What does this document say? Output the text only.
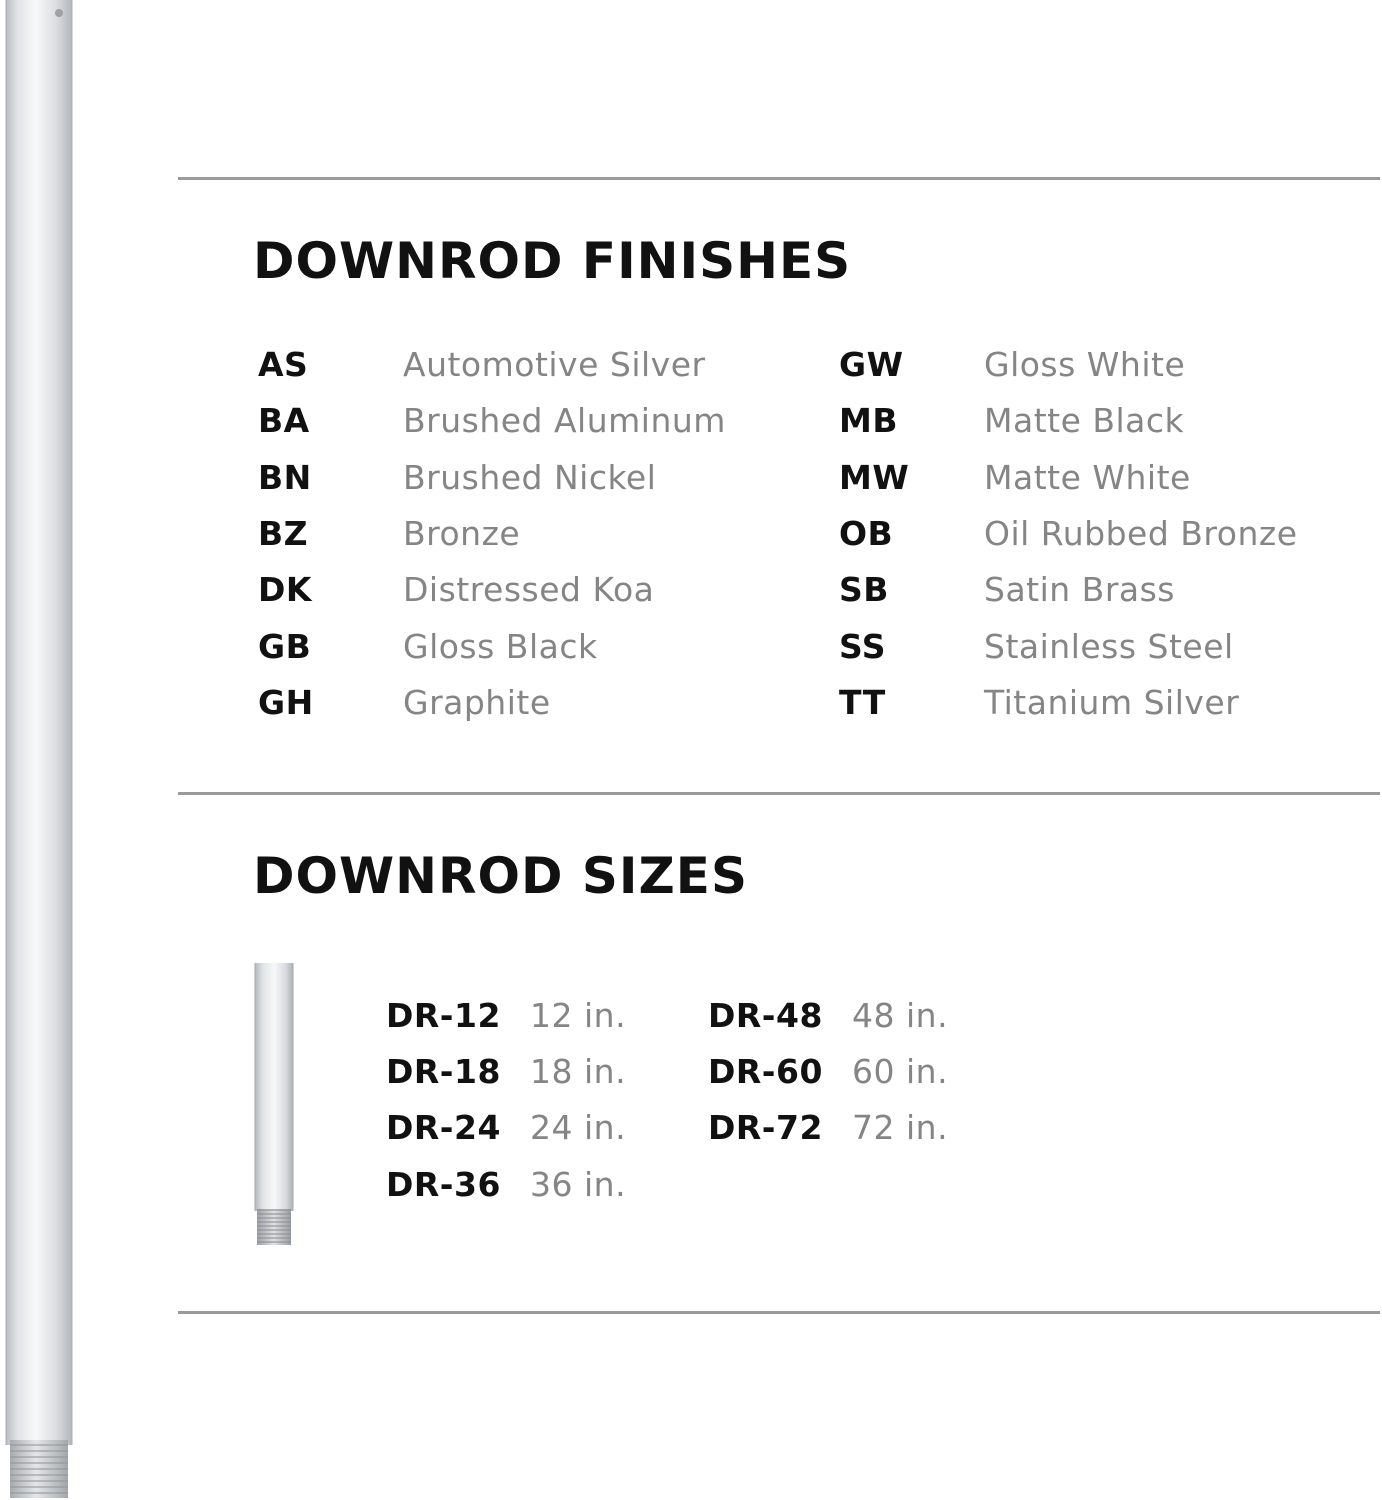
DOWNROD FINISHES
AS	Automotive Silver
BA	Brushed Aluminum
BN	Brushed Nickel
BZ	Bronze
DK	Distressed Koa
GB	Gloss Black
GH	Graphite
GW Gloss White
MB	Matte Black
MW Matte White
OB	Oil Rubbed Bronze
SB	Satin Brass
SS	Stainless Steel
TT	Titanium Silver
DOWNROD SIZES
DR-12 12 in.
DR-18 18 in.
DR-24 24 in.
DR-36 36 in.
DR-48 48 in.
DR-60 60 in.
DR-72 72 in.
